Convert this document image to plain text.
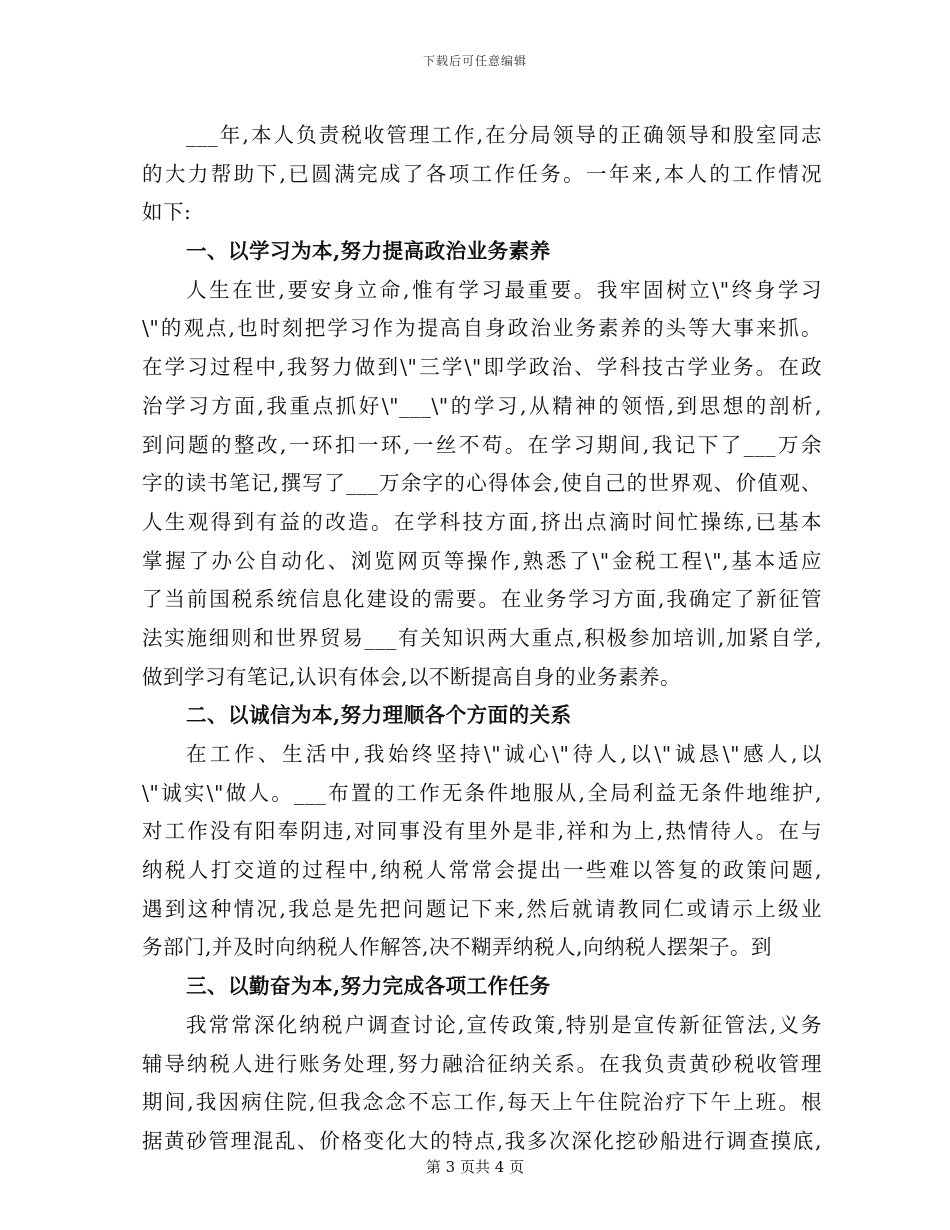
下载后可任意编辑
___年,本人负责税收管理工作,在分局领导的正确领导和股室同志
的大力帮助下,已圆满完成了各项工作任务。一年来,本人的工作情况
如下:
一、以学习为本,努力提高政治业务素养
人生在世,要安身立命,惟有学习最重要。我牢固树立\"终身学习
\"的观点,也时刻把学习作为提高自身政治业务素养的头等大事来抓。
在学习过程中,我努力做到\"三学\"即学政治、学科技古学业务。在政
治学习方面,我重点抓好\"___\"的学习,从精神的领悟,到思想的剖析,
到问题的整改,一环扣一环,一丝不苟。在学习期间,我记下了___万余
字的读书笔记,撰写了___万余字的心得体会,使自己的世界观、价值观、
人生观得到有益的改造。在学科技方面,挤出点滴时间忙操练,已基本
掌握了办公自动化、浏览网页等操作,熟悉了\"金税工程\",基本适应
了当前国税系统信息化建设的需要。在业务学习方面,我确定了新征管
法实施细则和世界贸易___有关知识两大重点,积极参加培训,加紧自学,
做到学习有笔记,认识有体会,以不断提高自身的业务素养。
二、以诚信为本,努力理顺各个方面的关系
在工作、生活中,我始终坚持\"诚心\"待人,以\"诚恳\"感人,以
\"诚实\"做人。___布置的工作无条件地服从,全局利益无条件地维护,
对工作没有阳奉阴违,对同事没有里外是非,祥和为上,热情待人。在与
纳税人打交道的过程中,纳税人常常会提出一些难以答复的政策问题,
遇到这种情况,我总是先把问题记下来,然后就请教同仁或请示上级业
务部门,并及时向纳税人作解答,决不糊弄纳税人,向纳税人摆架子。到
三、以勤奋为本,努力完成各项工作任务
我常常深化纳税户调查讨论,宣传政策,特别是宣传新征管法,义务
辅导纳税人进行账务处理,努力融洽征纳关系。在我负责黄砂税收管理
期间,我因病住院,但我念念不忘工作,每天上午住院治疗下午上班。根
据黄砂管理混乱、价格变化大的特点,我多次深化挖砂船进行调查摸底,
第 3 页共 4 页
